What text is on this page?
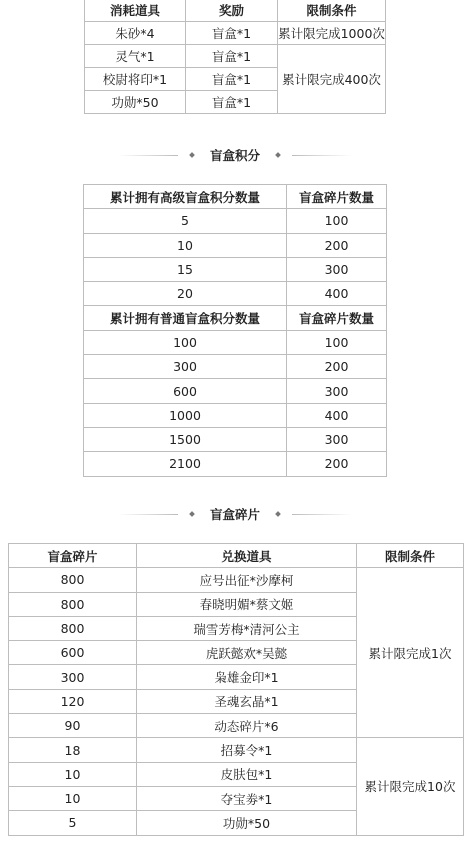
消耗道具	奖励	限制条件
朱砂*4	盲盒*1	累计限完成1000次
灵气*1	盲盒*1	累计限完成400次
校尉将印*1	盲盒*1	
功勋*50	盲盒*1	
盲盒积分
累计拥有高级盲盒积分数量	盲盒碎片数量
5	100
10	200
15	300
20	400
累计拥有普通盲盒积分数量	盲盒碎片数量
100	100
300	200
600	300
1000	400
1500	300
2100	200
盲盒碎片
盲盒碎片	兑换道具	限制条件
800	应号出征*沙摩柯	累计限完成1次
800	春晓明媚*蔡文姬	
800	瑞雪芳梅*清河公主	
600	虎跃懿欢*吴懿	
300	枭雄金印*1	
120	圣魂玄晶*1	
90	动态碎片*6	
18	招募令*1	累计限完成10次
10	皮肤包*1	
10	夺宝劵*1	
5	功勋*50	
